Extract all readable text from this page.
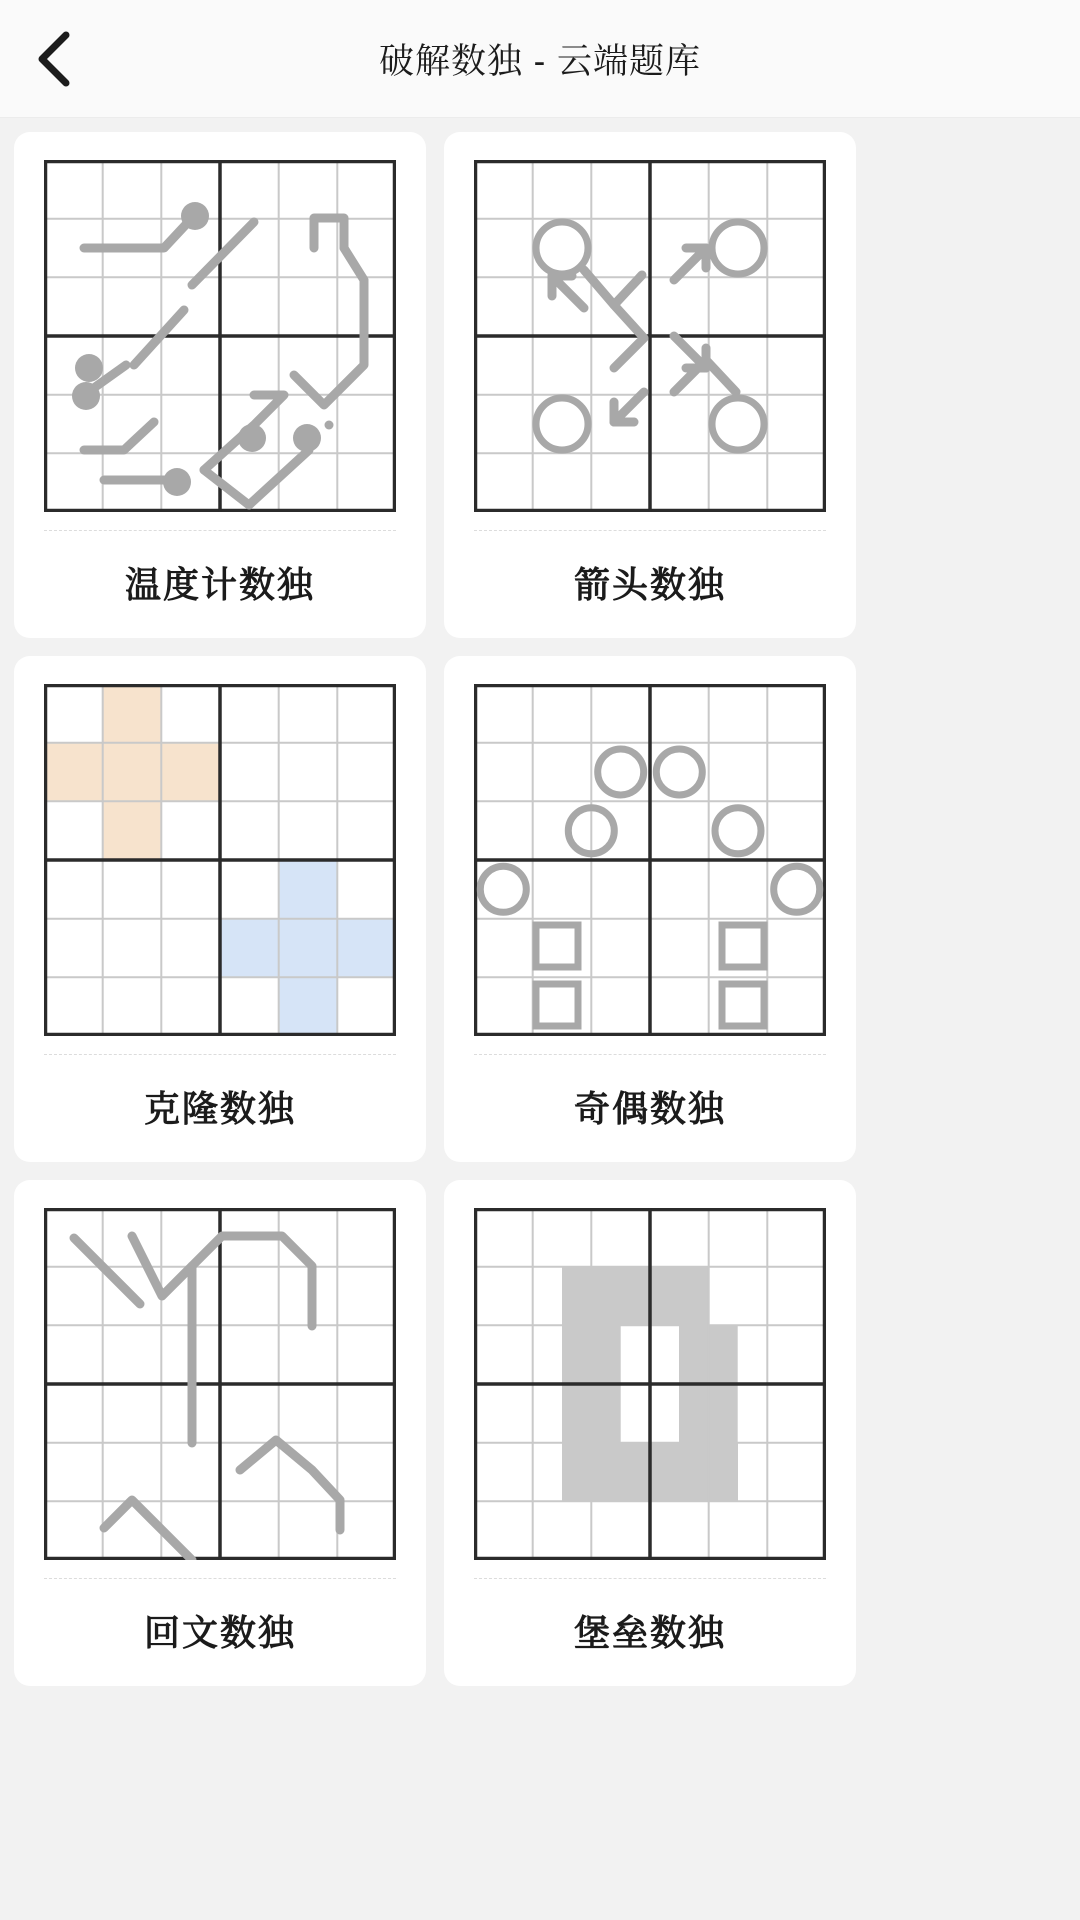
破解数独 - 云端题库
温度计数独	箭头数独
克隆数独	奇偶数独
回文数独	堡垒数独
